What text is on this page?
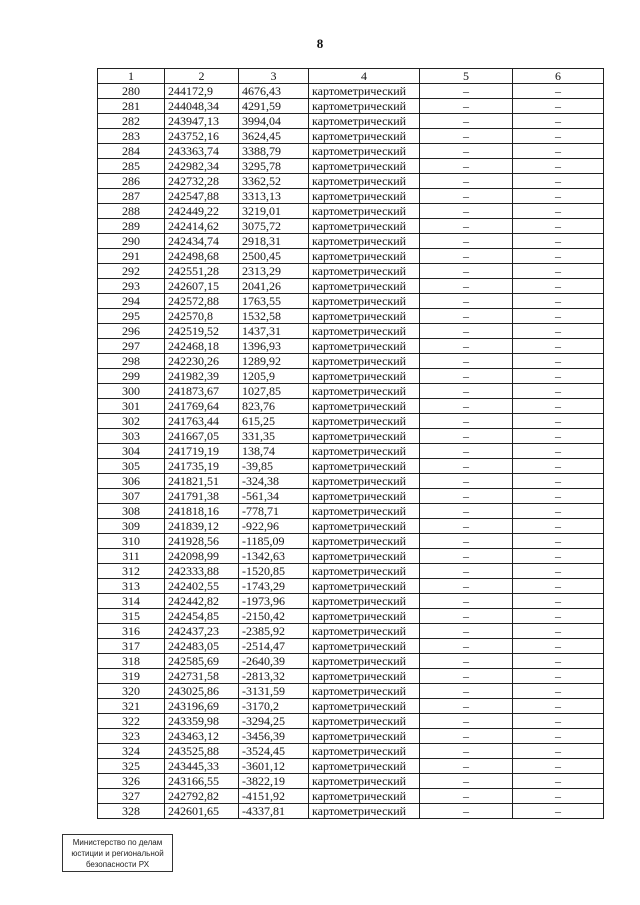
8
1	2	3	4	5	6
280	244172,9	4676,43	картометрический	–	–
281	244048,34	4291,59	картометрический	–	–
282	243947,13	3994,04	картометрический	–	–
283	243752,16	3624,45	картометрический	–	–
284	243363,74	3388,79	картометрический	–	–
285	242982,34	3295,78	картометрический	–	–
286	242732,28	3362,52	картометрический	–	–
287	242547,88	3313,13	картометрический	–	–
288	242449,22	3219,01	картометрический	–	–
289	242414,62	3075,72	картометрический	–	–
290	242434,74	2918,31	картометрический	–	–
291	242498,68	2500,45	картометрический	–	–
292	242551,28	2313,29	картометрический	–	–
293	242607,15	2041,26	картометрический	–	–
294	242572,88	1763,55	картометрический	–	–
295	242570,8	1532,58	картометрический	–	–
296	242519,52	1437,31	картометрический	–	–
297	242468,18	1396,93	картометрический	–	–
298	242230,26	1289,92	картометрический	–	–
299	241982,39	1205,9	картометрический	–	–
300	241873,67	1027,85	картометрический	–	–
301	241769,64	823,76	картометрический	–	–
302	241763,44	615,25	картометрический	–	–
303	241667,05	331,35	картометрический	–	–
304	241719,19	138,74	картометрический	–	–
305	241735,19	-39,85	картометрический	–	–
306	241821,51	-324,38	картометрический	–	–
307	241791,38	-561,34	картометрический	–	–
308	241818,16	-778,71	картометрический	–	–
309	241839,12	-922,96	картометрический	–	–
310	241928,56	-1185,09	картометрический	–	–
311	242098,99	-1342,63	картометрический	–	–
312	242333,88	-1520,85	картометрический	–	–
313	242402,55	-1743,29	картометрический	–	–
314	242442,82	-1973,96	картометрический	–	–
315	242454,85	-2150,42	картометрический	–	–
316	242437,23	-2385,92	картометрический	–	–
317	242483,05	-2514,47	картометрический	–	–
318	242585,69	-2640,39	картометрический	–	–
319	242731,58	-2813,32	картометрический	–	–
320	243025,86	-3131,59	картометрический	–	–
321	243196,69	-3170,2	картометрический	–	–
322	243359,98	-3294,25	картометрический	–	–
323	243463,12	-3456,39	картометрический	–	–
324	243525,88	-3524,45	картометрический	–	–
325	243445,33	-3601,12	картометрический	–	–
326	243166,55	-3822,19	картометрический	–	–
327	242792,82	-4151,92	картометрический	–	–
328	242601,65	-4337,81	картометрический	–	–
Министерство по делам
юстиции и региональной
безопасности РХ
